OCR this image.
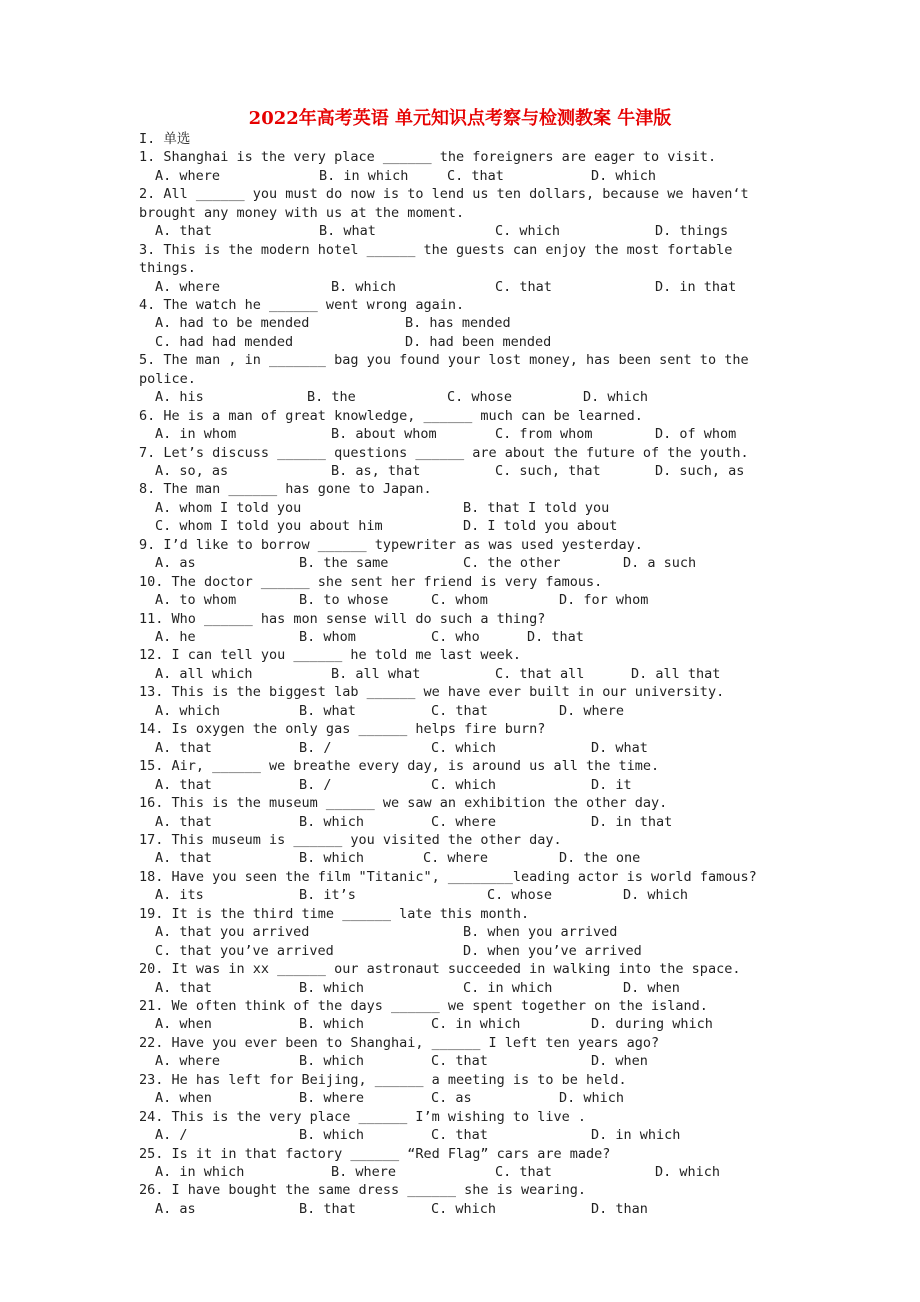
2022年高考英语 单元知识点考察与检测教案 牛津版
I. 单选
1. Shanghai is the very place ______ the foreigners are eager to visit.
A. where	B. in which	C. that	D. which
2. All ______ you must do now is to lend us ten dollars, because we haven‘t brought any money with us at the moment.
A. that	B. what	C. which	D. things
3. This is the modern hotel ______ the guests can enjoy the most fortable things.
A. where	B. which	C. that	D. in that
4. The watch he ______ went wrong again.
A. had to be mended	B. has mended
C. had had mended	D. had been mended
5. The man , in _______ bag you found your lost money, has been sent to the police.
A. his	B. the	C. whose	D. which
6. He is a man of great knowledge, ______ much can be learned.
A. in whom	B. about whom	C. from whom	D. of whom
7. Let’s discuss ______ questions ______ are about the future of the youth.
A. so, as	B. as, that	C. such, that	D. such, as
8. The man ______ has gone to Japan.
A. whom I told you	B. that I told you
C. whom I told you about him	D. I told you about
9. I’d like to borrow ______ typewriter as was used yesterday.
A. as	B. the same	C. the other	D. a such
10. The doctor ______ she sent her friend is very famous.
A. to whom	B. to whose	C. whom	D. for whom
11. Who ______ has mon sense will do such a thing?
A. he	B. whom	C. who	D. that
12. I can tell you ______ he told me last week.
A. all which	B. all what	C. that all	D. all that
13. This is the biggest lab ______ we have ever built in our university.
A. which	B. what	C. that	D. where
14. Is oxygen the only gas ______ helps fire burn?
A. that	B. /	C. which	D. what
15. Air, ______ we breathe every day, is around us all the time.
A. that	B. /	C. which	D. it
16. This is the museum ______ we saw an exhibition the other day.
A. that	B. which	C. where	D. in that
17. This museum is ______ you visited the other day.
A. that	B. which	C. where	D. the one
18. Have you seen the film "Titanic", ________leading actor is world famous?
A. its	B. it’s	C. whose	D. which
19. It is the third time ______ late this month.
A. that you arrived	B. when you arrived
C. that you’ve arrived	D. when you’ve arrived
20. It was in xx ______ our astronaut succeeded in walking into the space.
A. that	B. which	C. in which	D. when
21. We often think of the days ______ we spent together on the island.
A. when	B. which	C. in which	D. during which
22. Have you ever been to Shanghai, ______ I left ten years ago?
A. where	B. which	C. that	D. when
23. He has left for Beijing, ______ a meeting is to be held.
A. when	B. where	C. as	D. which
24. This is the very place ______ I’m wishing to live .
A. /	B. which	C. that	D. in which
25. Is it in that factory ______ “Red Flag” cars are made?
A. in which	B. where	C. that	D. which
26. I have bought the same dress ______ she is wearing.
A. as	B. that	C. which	D. than
